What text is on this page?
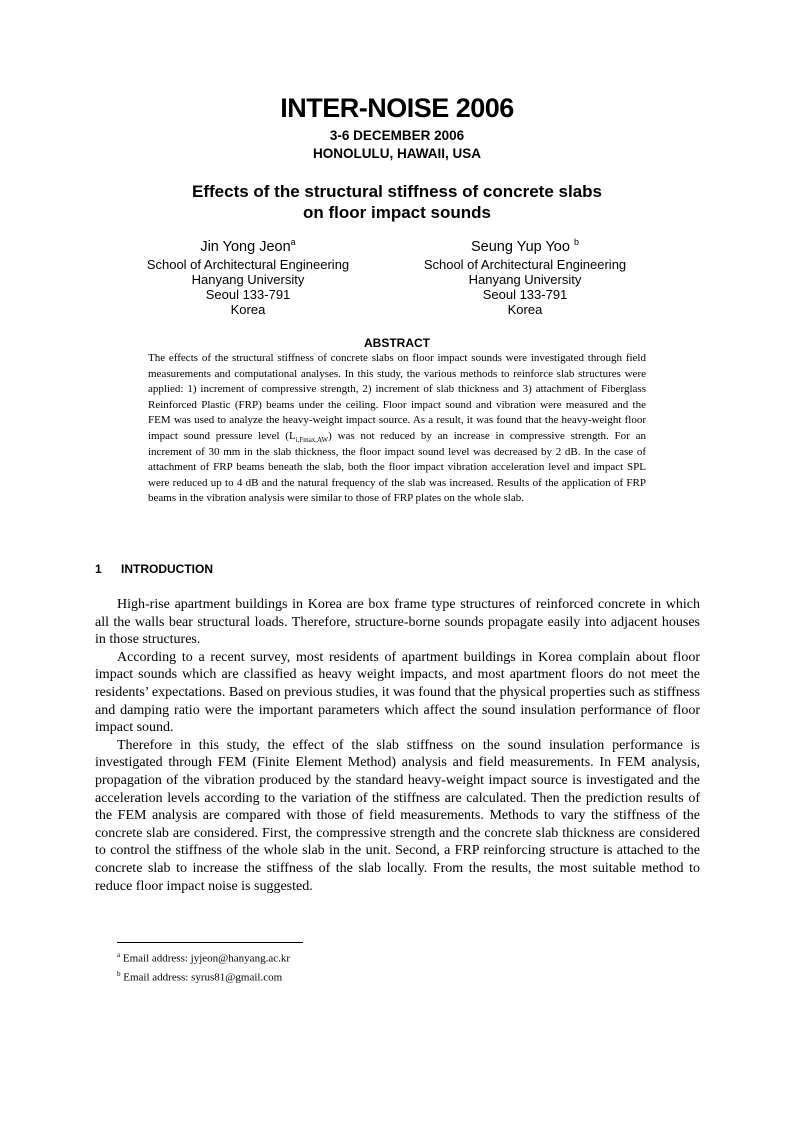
INTER-NOISE 2006
3-6 DECEMBER 2006
HONOLULU, HAWAII, USA
Effects of the structural stiffness of concrete slabs
on floor impact sounds
Jin Yong Jeon$^a$
School of Architectural Engineering
Hanyang University
Seoul 133-791
Korea
Seung Yup Yoo $^b$
School of Architectural Engineering
Hanyang University
Seoul 133-791
Korea
ABSTRACT
The effects of the structural stiffness of concrete slabs on floor impact sounds were investigated through field measurements and computational analyses. In this study, the various methods to reinforce slab structures were applied: 1) increment of compressive strength, 2) increment of slab thickness and 3) attachment of Fiberglass Reinforced Plastic (FRP) beams under the ceiling. Floor impact sound and vibration were measured and the FEM was used to analyze the heavy-weight impact source. As a result, it was found that the heavy-weight floor impact sound pressure level $(L_{i,Fmax,AW})$ was not reduced by an increase in compressive strength. For an increment of 30 mm in the slab thickness, the floor impact sound level was decreased by 2 dB. In the case of attachment of FRP beams beneath the slab, both the floor impact vibration acceleration level and impact SPL were reduced up to 4 dB and the natural frequency of the slab was increased. Results of the application of FRP beams in the vibration analysis were similar to those of FRP plates on the whole slab.
1 INTRODUCTION

High-rise apartment buildings in Korea are box frame type structures of reinforced concrete in which all the walls bear structural loads. Therefore, structure-borne sounds propagate easily into adjacent houses in those structures.

According to a recent survey, most residents of apartment buildings in Korea complain about floor impact sounds which are classified as heavy weight impacts, and most apartment floors do not meet the residents’ expectations. Based on previous studies, it was found that the physical properties such as stiffness and damping ratio were the important parameters which affect the sound insulation performance of floor impact sound.

Therefore in this study, the effect of the slab stiffness on the sound insulation performance is investigated through FEM (Finite Element Method) analysis and field measurements. In FEM analysis, propagation of the vibration produced by the standard heavy-weight impact source is investigated and the acceleration levels according to the variation of the stiffness are calculated. Then the prediction results of the FEM analysis are compared with those of field measurements. Methods to vary the stiffness of the concrete slab are considered. First, the compressive strength and the concrete slab thickness are considered to control the stiffness of the whole slab in the unit. Second, a FRP reinforcing structure is attached to the concrete slab to increase the stiffness of the slab locally. From the results, the most suitable method to reduce floor impact noise is suggested.

$^a$ Email address: jyjeon@hanyang.ac.kr
$^b$ Email address: syrus81@gmail.com
